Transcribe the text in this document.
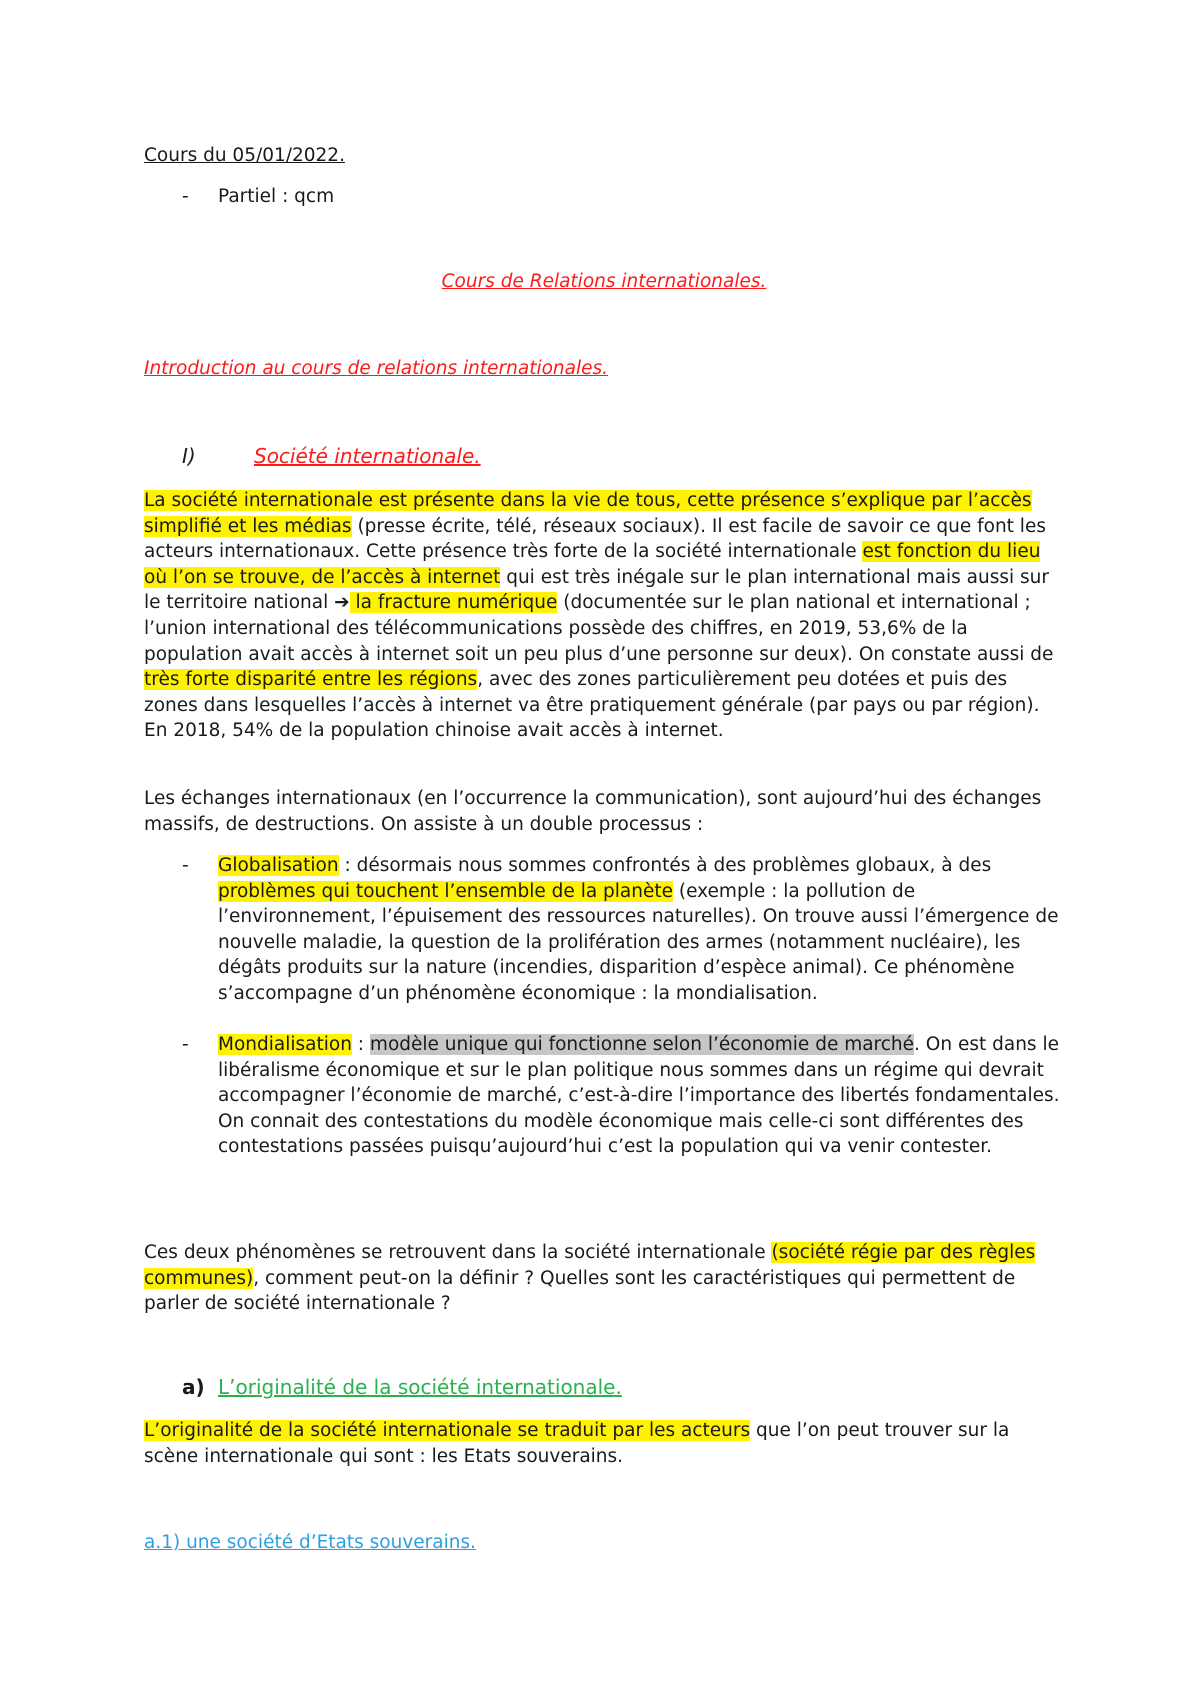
Cours du 05/01/2022.
- Partiel : qcm
Cours de Relations internationales.
Introduction au cours de relations internationales.
I)	Société internationale.
La société internationale est présente dans la vie de tous, cette présence s’explique par l’accès simplifié et les médias (presse écrite, télé, réseaux sociaux). Il est facile de savoir ce que font les acteurs internationaux. Cette présence très forte de la société internationale est fonction du lieu où l’on se trouve, de l’accès à internet qui est très inégale sur le plan international mais aussi sur le territoire national ➔ la fracture numérique (documentée sur le plan national et international ; l’union international des télécommunications possède des chiffres, en 2019, 53,6% de la population avait accès à internet soit un peu plus d’une personne sur deux). On constate aussi de très forte disparité entre les régions, avec des zones particulièrement peu dotées et puis des zones dans lesquelles l’accès à internet va être pratiquement générale (par pays ou par région). En 2018, 54% de la population chinoise avait accès à internet.
Les échanges internationaux (en l’occurrence la communication), sont aujourd’hui des échanges massifs, de destructions. On assiste à un double processus :
- Globalisation : désormais nous sommes confrontés à des problèmes globaux, à des problèmes qui touchent l’ensemble de la planète (exemple : la pollution de l’environnement, l’épuisement des ressources naturelles). On trouve aussi l’émergence de nouvelle maladie, la question de la prolifération des armes (notamment nucléaire), les dégâts produits sur la nature (incendies, disparition d’espèce animal). Ce phénomène s’accompagne d’un phénomène économique : la mondialisation.
- Mondialisation : modèle unique qui fonctionne selon l’économie de marché. On est dans le libéralisme économique et sur le plan politique nous sommes dans un régime qui devrait accompagner l’économie de marché, c’est-à-dire l’importance des libertés fondamentales. On connait des contestations du modèle économique mais celle-ci sont différentes des contestations passées puisqu’aujourd’hui c’est la population qui va venir contester.
Ces deux phénomènes se retrouvent dans la société internationale (société régie par des règles communes), comment peut-on la définir ? Quelles sont les caractéristiques qui permettent de parler de société internationale ?
a) L’originalité de la société internationale.
L’originalité de la société internationale se traduit par les acteurs que l’on peut trouver sur la scène internationale qui sont : les Etats souverains.
a.1) une société d’Etats souverains.
